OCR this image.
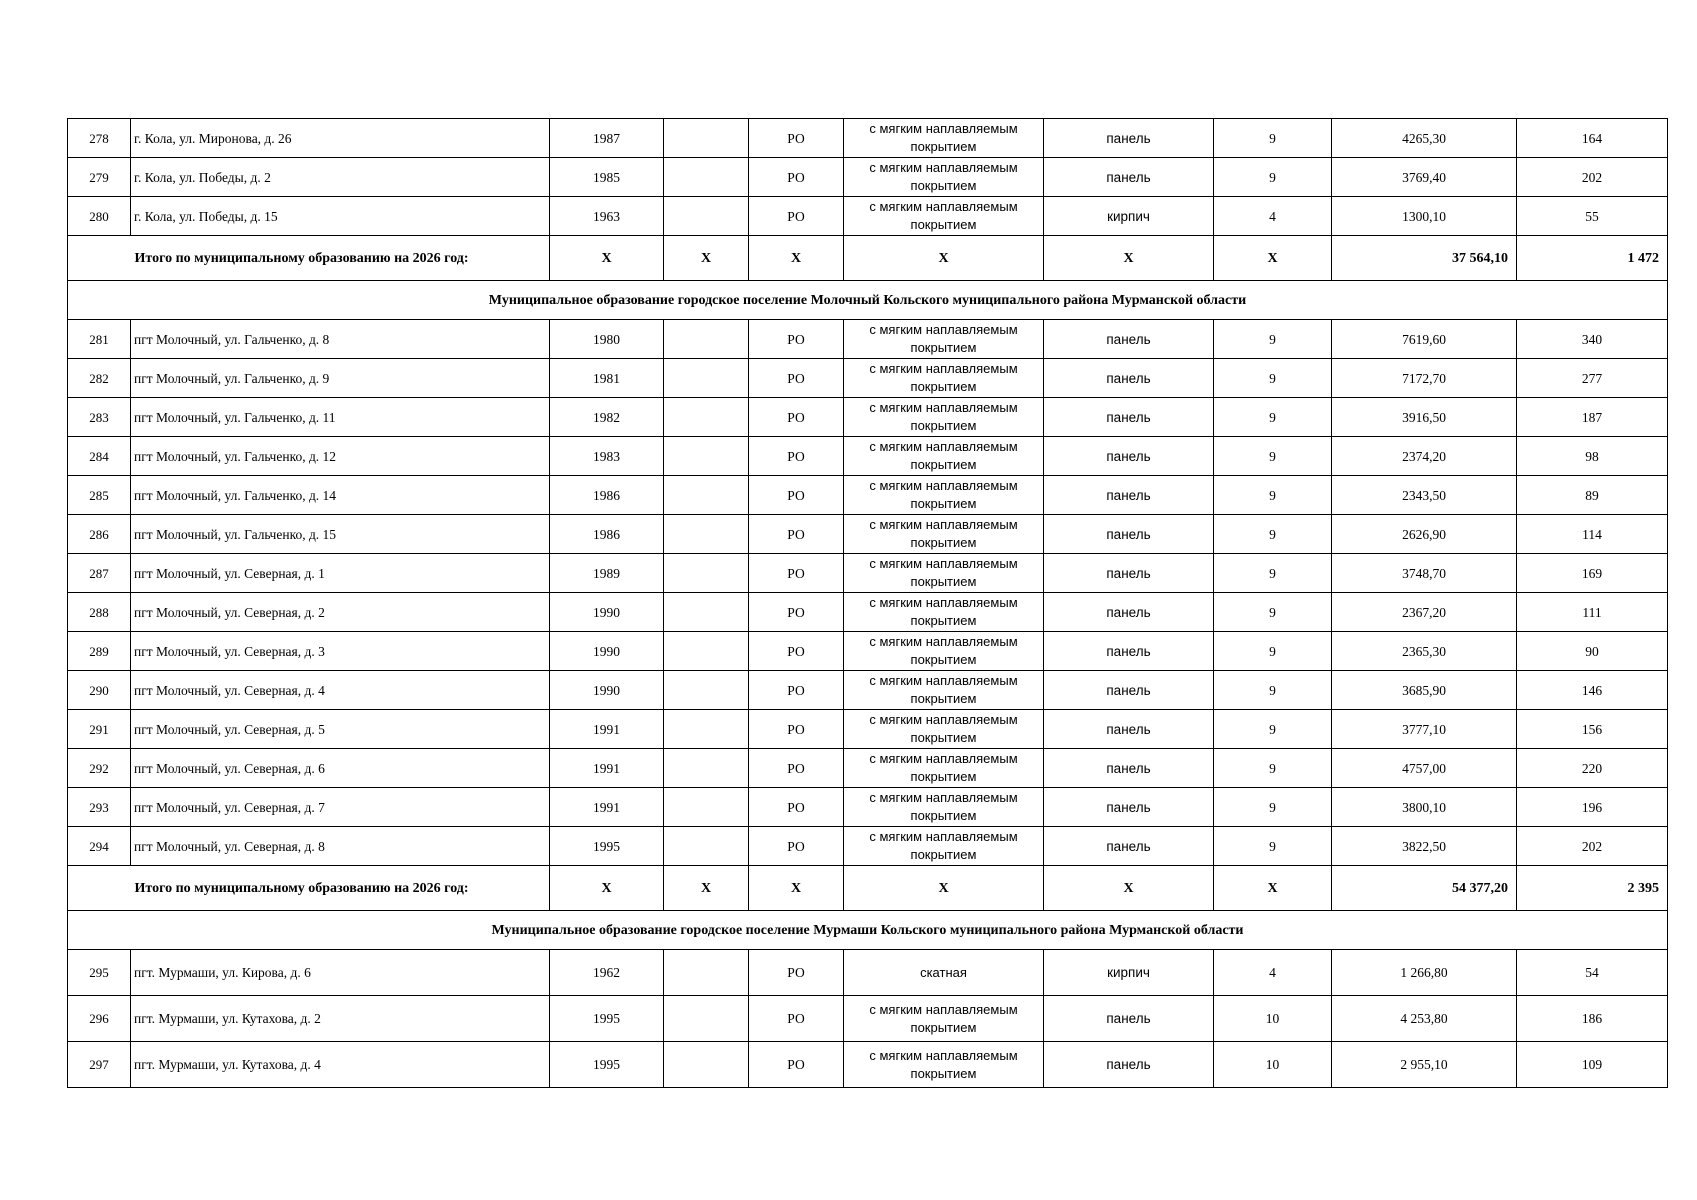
278	г. Кола, ул. Миронова, д. 26	1987		РО	с мягким наплавляемым покрытием	панель	9	4265,30	164
279	г. Кола, ул. Победы, д. 2	1985		РО	с мягким наплавляемым покрытием	панель	9	3769,40	202
280	г. Кола, ул. Победы, д. 15	1963		РО	с мягким наплавляемым покрытием	кирпич	4	1300,10	55
	Итого по муниципальному образованию на 2026 год:	X	X	X	X	X	X	37 564,10	1 472
Муниципальное образование городское поселение Молочный Кольского муниципального района Мурманской области									
281	пгт Молочный, ул. Гальченко, д. 8	1980		РО	с мягким наплавляемым покрытием	панель	9	7619,60	340
282	пгт Молочный, ул. Гальченко, д. 9	1981		РО	с мягким наплавляемым покрытием	панель	9	7172,70	277
283	пгт Молочный, ул. Гальченко, д. 11	1982		РО	с мягким наплавляемым покрытием	панель	9	3916,50	187
284	пгт Молочный, ул. Гальченко, д. 12	1983		РО	с мягким наплавляемым покрытием	панель	9	2374,20	98
285	пгт Молочный, ул. Гальченко, д. 14	1986		РО	с мягким наплавляемым покрытием	панель	9	2343,50	89
286	пгт Молочный, ул. Гальченко, д. 15	1986		РО	с мягким наплавляемым покрытием	панель	9	2626,90	114
287	пгт Молочный, ул. Северная, д. 1	1989		РО	с мягким наплавляемым покрытием	панель	9	3748,70	169
288	пгт Молочный, ул. Северная, д. 2	1990		РО	с мягким наплавляемым покрытием	панель	9	2367,20	111
289	пгт Молочный, ул. Северная, д. 3	1990		РО	с мягким наплавляемым покрытием	панель	9	2365,30	90
290	пгт Молочный, ул. Северная, д. 4	1990		РО	с мягким наплавляемым покрытием	панель	9	3685,90	146
291	пгт Молочный, ул. Северная, д. 5	1991		РО	с мягким наплавляемым покрытием	панель	9	3777,10	156
292	пгт Молочный, ул. Северная, д. 6	1991		РО	с мягким наплавляемым покрытием	панель	9	4757,00	220
293	пгт Молочный, ул. Северная, д. 7	1991		РО	с мягким наплавляемым покрытием	панель	9	3800,10	196
294	пгт Молочный, ул. Северная, д. 8	1995		РО	с мягким наплавляемым покрытием	панель	9	3822,50	202
	Итого по муниципальному образованию на 2026 год:	X	X	X	X	X	X	54 377,20	2 395
Муниципальное образование городское поселение Мурмаши Кольского муниципального района Мурманской области									
295	пгт. Мурмаши, ул. Кирова, д. 6	1962		РО	скатная	кирпич	4	1 266,80	54
296	пгт. Мурмаши, ул. Кутахова, д. 2	1995		РО	с мягким наплавляемым покрытием	панель	10	4 253,80	186
297	пгт. Мурмаши, ул. Кутахова, д. 4	1995		РО	с мягким наплавляемым покрытием	панель	10	2 955,10	109
